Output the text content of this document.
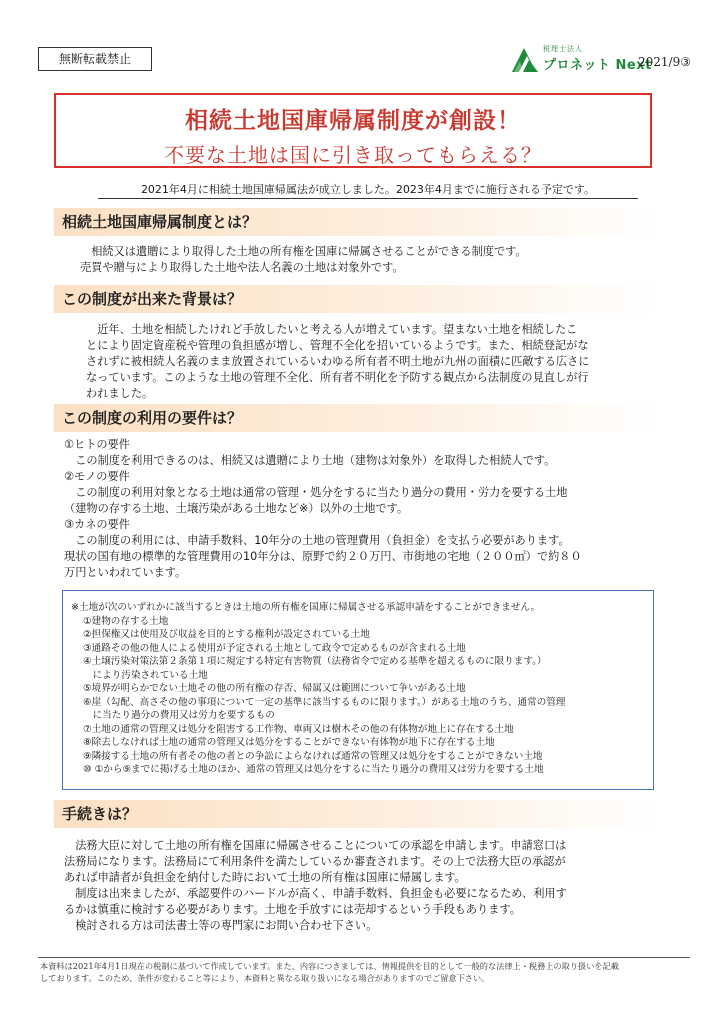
無断転載禁止
税理士法人
プロネット Next
2021/9③
相続土地国庫帰属制度が創設！
不要な土地は国に引き取ってもらえる？
2021年4月に相続土地国庫帰属法が成立しました。2023年4月までに施行される予定です。
相続土地国庫帰属制度とは？

　相続又は遺贈により取得した土地の所有権を国庫に帰属させることができる制度です。

売買や贈与により取得した土地や法人名義の土地は対象外です。

この制度が出来た背景は？

　近年、土地を相続したけれど手放したいと考える人が増えています。望まない土地を相続したこ

とにより固定資産税や管理の負担感が増し、管理不全化を招いているようです。また、相続登記がな

されずに被相続人名義のまま放置されているいわゆる所有者不明土地が九州の面積に匹敵する広さに

なっています。このような土地の管理不全化、所有者不明化を予防する観点から法制度の見直しが行

われました。

この制度の利用の要件は？

①ヒトの要件

　この制度を利用できるのは、相続又は遺贈により土地（建物は対象外）を取得した相続人です。

②モノの要件

　この制度の利用対象となる土地は通常の管理・処分をするに当たり過分の費用・労力を要する土地

（建物の存する土地、土壌汚染がある土地など※）以外の土地です。

③カネの要件

　この制度の利用には、申請手数料、10年分の土地の管理費用（負担金）を支払う必要があります。

現状の国有地の標準的な管理費用の10年分は、原野で約２０万円、市街地の宅地（２００㎡）で約８０

万円といわれています。

※土地が次のいずれかに該当するときは土地の所有権を国庫に帰属させる承認申請をすることができません。

①建物の存する土地
②担保権又は使用及び収益を目的とする権利が設定されている土地
③通路その他の他人による使用が予定される土地として政令で定めるものが含まれる土地
④土壌汚染対策法第２条第１項に規定する特定有害物質（法務省令で定める基準を超えるものに限ります。）
　により汚染されている土地
⑤境界が明らかでない土地その他の所有権の存否、帰属又は範囲について争いがある土地
⑥崖（勾配、高さその他の事項について一定の基準に該当するものに限ります。）がある土地のうち、通常の管理
　に当たり過分の費用又は労力を要するもの
⑦土地の通常の管理又は処分を阻害する工作物、車両又は樹木その他の有体物が地上に存在する土地
⑧除去しなければ土地の通常の管理又は処分をすることができない有体物が地下に存在する土地
⑨隣接する土地の所有者その他の者との争訟によらなければ通常の管理又は処分をすることができない土地
⑩ ①から⑨までに掲げる土地のほか、通常の管理又は処分をするに当たり過分の費用又は労力を要する土地
手続きは？

　法務大臣に対して土地の所有権を国庫に帰属させることについての承認を申請します。申請窓口は

法務局になります。法務局にて利用条件を満たしているか審査されます。その上で法務大臣の承認が

あれば申請者が負担金を納付した時において土地の所有権は国庫に帰属します。

　制度は出来ましたが、承認要件のハードルが高く、申請手数料、負担金も必要になるため、利用す

るかは慎重に検討する必要があります。土地を手放すには売却するという手段もあります。

　検討される方は司法書士等の専門家にお問い合わせ下さい。

本資料は2021年4月1日現在の税制に基づいて作成しています。また、内容につきましては、情報提供を目的として一般的な法律上・税務上の取り扱いを記載

しております。このため、条件が変わること等により、本資料と異なる取り扱いになる場合がありますのでご留意下さい。
